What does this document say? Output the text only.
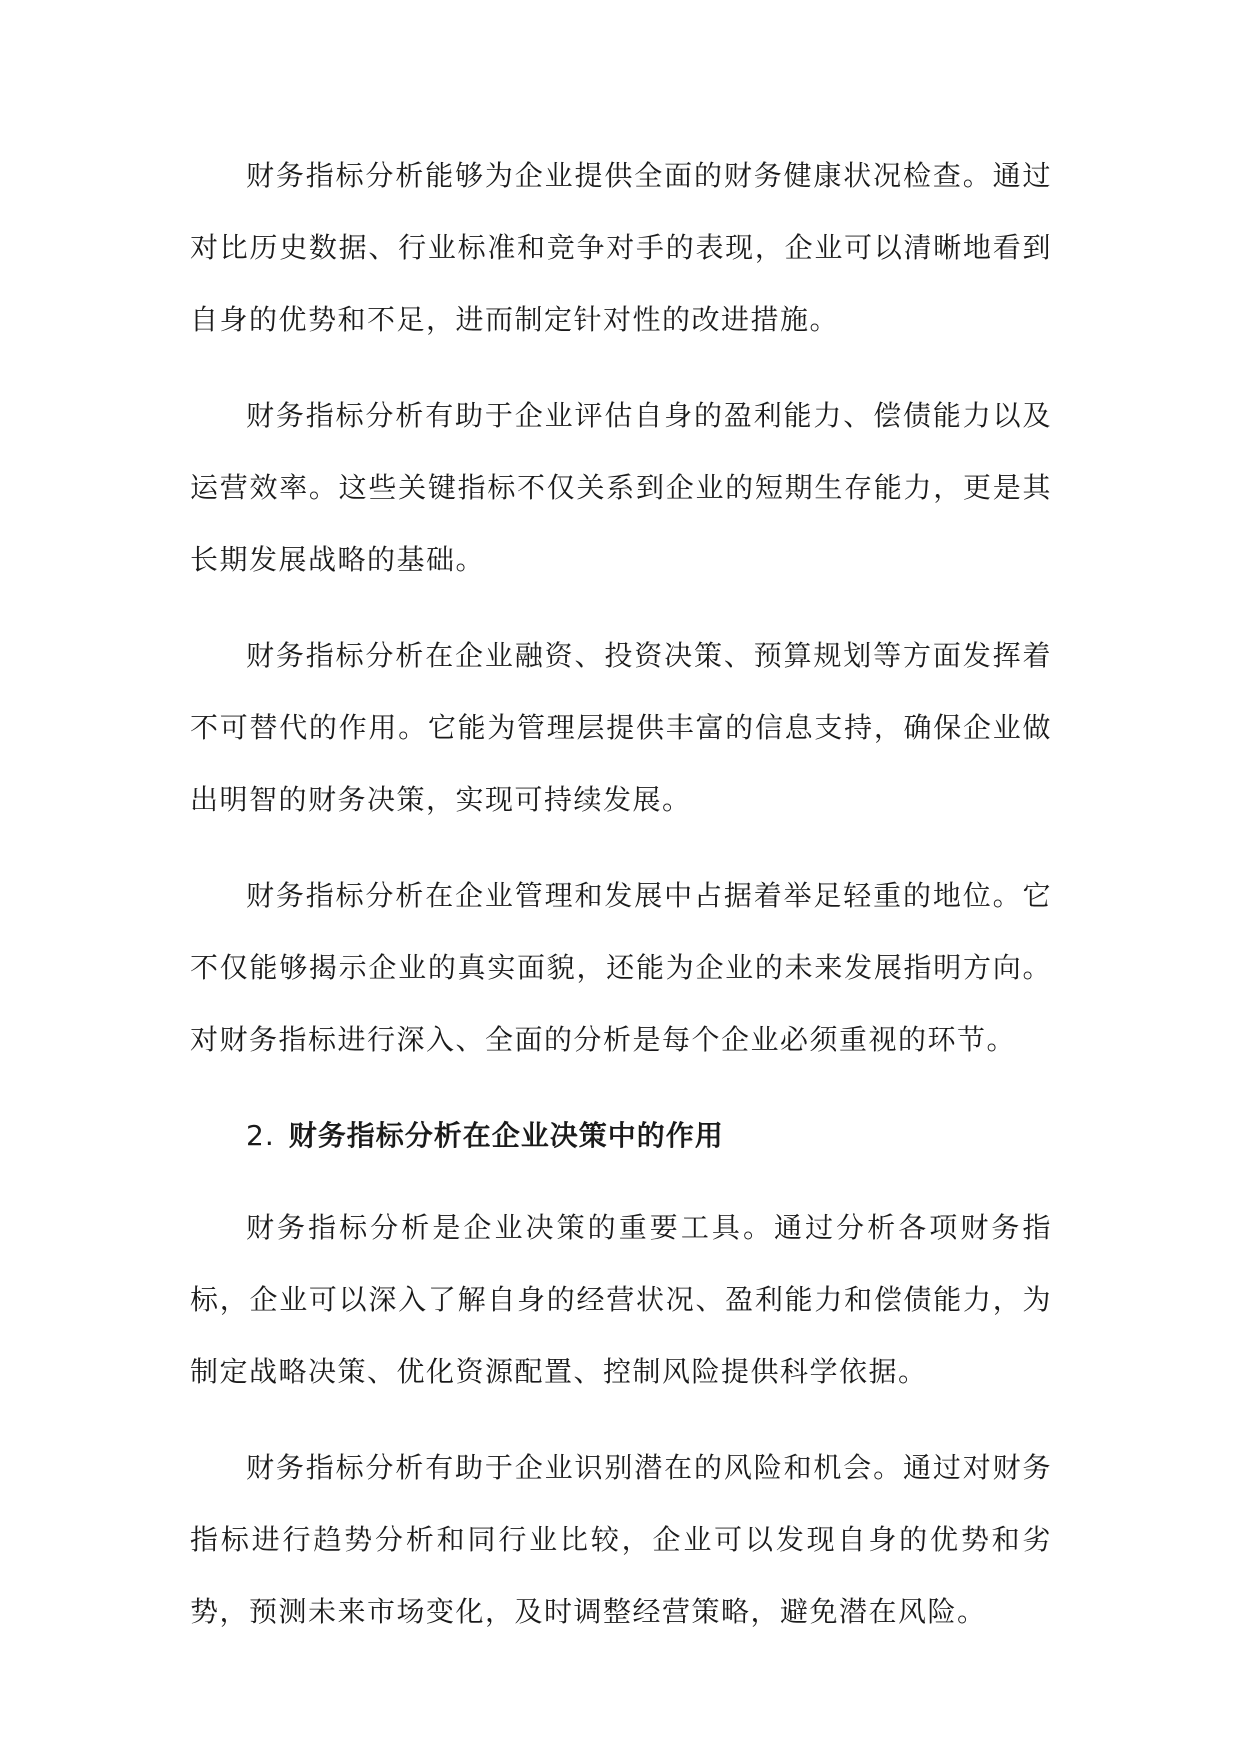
财务指标分析能够为企业提供全面的财务健康状况检查。通过对比历史数据、行业标准和竞争对手的表现，企业可以清晰地看到自身的优势和不足，进而制定针对性的改进措施。

财务指标分析有助于企业评估自身的盈利能力、偿债能力以及运营效率。这些关键指标不仅关系到企业的短期生存能力，更是其长期发展战略的基础。

财务指标分析在企业融资、投资决策、预算规划等方面发挥着不可替代的作用。它能为管理层提供丰富的信息支持，确保企业做出明智的财务决策，实现可持续发展。

财务指标分析在企业管理和发展中占据着举足轻重的地位。它不仅能够揭示企业的真实面貌，还能为企业的未来发展指明方向。对财务指标进行深入、全面的分析是每个企业必须重视的环节。

2. 财务指标分析在企业决策中的作用

财务指标分析是企业决策的重要工具。通过分析各项财务指标，企业可以深入了解自身的经营状况、盈利能力和偿债能力，为制定战略决策、优化资源配置、控制风险提供科学依据。

财务指标分析有助于企业识别潜在的风险和机会。通过对财务指标进行趋势分析和同行业比较，企业可以发现自身的优势和劣势，预测未来市场变化，及时调整经营策略，避免潜在风险。
